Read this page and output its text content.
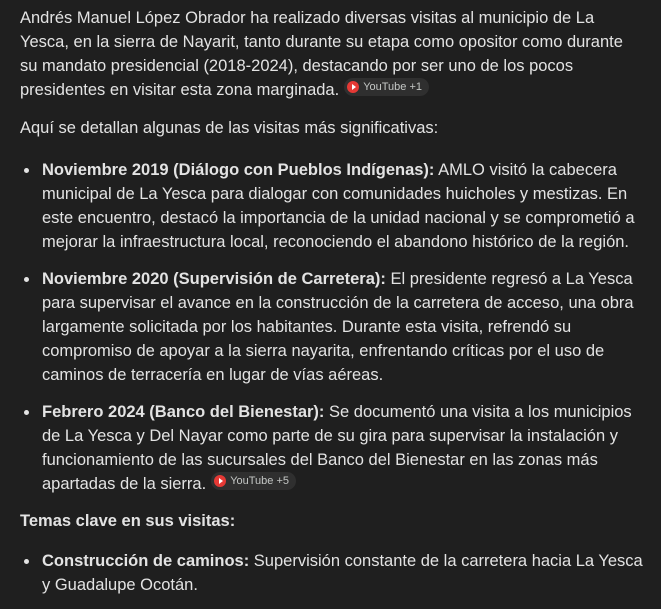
Andrés Manuel López Obrador ha realizado diversas visitas al municipio de La Yesca, en la sierra de Nayarit, tanto durante su etapa como opositor como durante su mandato presidencial (2018-2024), destacando por ser uno de los pocos presidentes en visitar esta zona marginada. YouTube +1

Aquí se detallan algunas de las visitas más significativas:

Noviembre 2019 (Diálogo con Pueblos Indígenas): AMLO visitó la cabecera municipal de La Yesca para dialogar con comunidades huicholes y mestizas. En este encuentro, destacó la importancia de la unidad nacional y se comprometió a mejorar la infraestructura local, reconociendo el abandono histórico de la región.
Noviembre 2020 (Supervisión de Carretera): El presidente regresó a La Yesca para supervisar el avance en la construcción de la carretera de acceso, una obra largamente solicitada por los habitantes. Durante esta visita, refrendó su compromiso de apoyar a la sierra nayarita, enfrentando críticas por el uso de caminos de terracería en lugar de vías aéreas.
Febrero 2024 (Banco del Bienestar): Se documentó una visita a los municipios de La Yesca y Del Nayar como parte de su gira para supervisar la instalación y funcionamiento de las sucursales del Banco del Bienestar en las zonas más apartadas de la sierra. YouTube +5

Temas clave en sus visitas:

Construcción de caminos: Supervisión constante de la carretera hacia La Yesca y Guadalupe Ocotán.
